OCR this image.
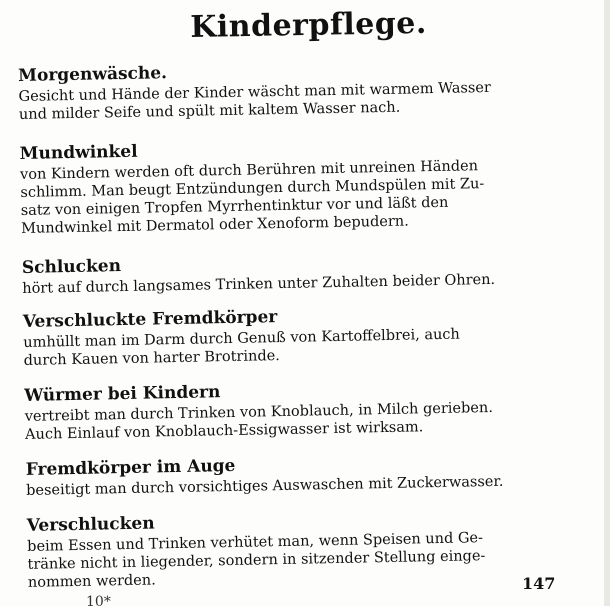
Kinderpflege.
Morgenwäsche.

Gesicht und Hände der Kinder wäscht man mit warmem Wasser
und milder Seife und spült mit kaltem Wasser nach.

Mundwinkel

von Kindern werden oft durch Berühren mit unreinen Händen
schlimm. Man beugt Entzündungen durch Mundspülen mit Zu-
satz von einigen Tropfen Myrrhentinktur vor und läßt den
Mundwinkel mit Dermatol oder Xenoform bepudern.

Schlucken

hört auf durch langsames Trinken unter Zuhalten beider Ohren.

Verschluckte Fremdkörper

umhüllt man im Darm durch Genuß von Kartoffelbrei, auch
durch Kauen von harter Brotrinde.

Würmer bei Kindern

vertreibt man durch Trinken von Knoblauch, in Milch gerieben.
Auch Einlauf von Knoblauch-Essigwasser ist wirksam.

Fremdkörper im Auge

beseitigt man durch vorsichtiges Auswaschen mit Zuckerwasser.

Verschlucken

beim Essen und Trinken verhütet man, wenn Speisen und Ge-
tränke nicht in liegender, sondern in sitzender Stellung einge-
nommen werden.	147
10*
